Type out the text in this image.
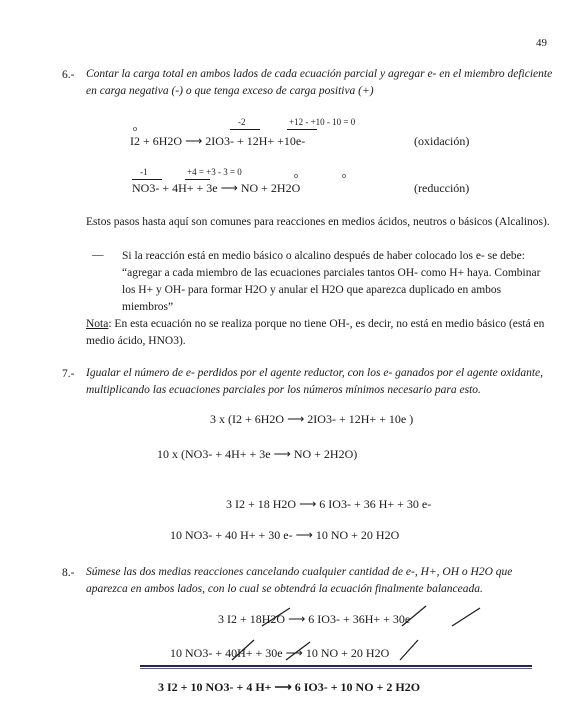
49
6.- Contar la carga total en ambos lados de cada ecuación parcial y agregar e- en el miembro deficiente en carga negativa (-) o que tenga exceso de carga positiva (+)
o
-2	+12 - +10 - 10 = 0
I2 + 6H2O ⟶ 2IO3- + 12H+ +10e-	(oxidación)
-1	+4 = +3 - 3 = 0	o	o
NO3- + 4H+ + 3e ⟶ NO + 2H2O	(reducción)
Estos pasos hasta aquí son comunes para reacciones en medios ácidos, neutros o básicos (Alcalinos).
— Si la reacción está en medio básico o alcalino después de haber colocado los e- se debe: “agregar a cada miembro de las ecuaciones parciales tantos OH- como H+ haya. Combinar los H+ y OH- para formar H2O y anular el H2O que aparezca duplicado en ambos miembros”
Nota: En esta ecuación no se realiza porque no tiene OH-, es decir, no está en medio básico (está en medio ácido, HNO3).
7.- Igualar el número de e- perdidos por el agente reductor, con los e- ganados por el agente oxidante, multiplicando las ecuaciones parciales por los números mínimos necesario para esto.
3 x (I2 + 6H2O ⟶ 2IO3- + 12H+ + 10e )
10 x (NO3- + 4H+ + 3e ⟶ NO + 2H2O)
3 I2 + 18 H2O ⟶ 6 IO3- + 36 H+ + 30 e-
10 NO3- + 40 H+ + 30 e- ⟶ 10 NO + 20 H2O
8.- Súmese las dos medias reacciones cancelando cualquier cantidad de e-, H+, OH o H2O que aparezca en ambos lados, con lo cual se obtendrá la ecuación finalmente balanceada.
3 I2 + 18H2O ⟶ 6 IO3- + 36H+ + 30e
10 NO3- + 40H+ + 30e ⟶ 10 NO + 20 H2O
3 I2 + 10 NO3- + 4 H+ ⟶ 6 IO3- + 10 NO + 2 H2O
